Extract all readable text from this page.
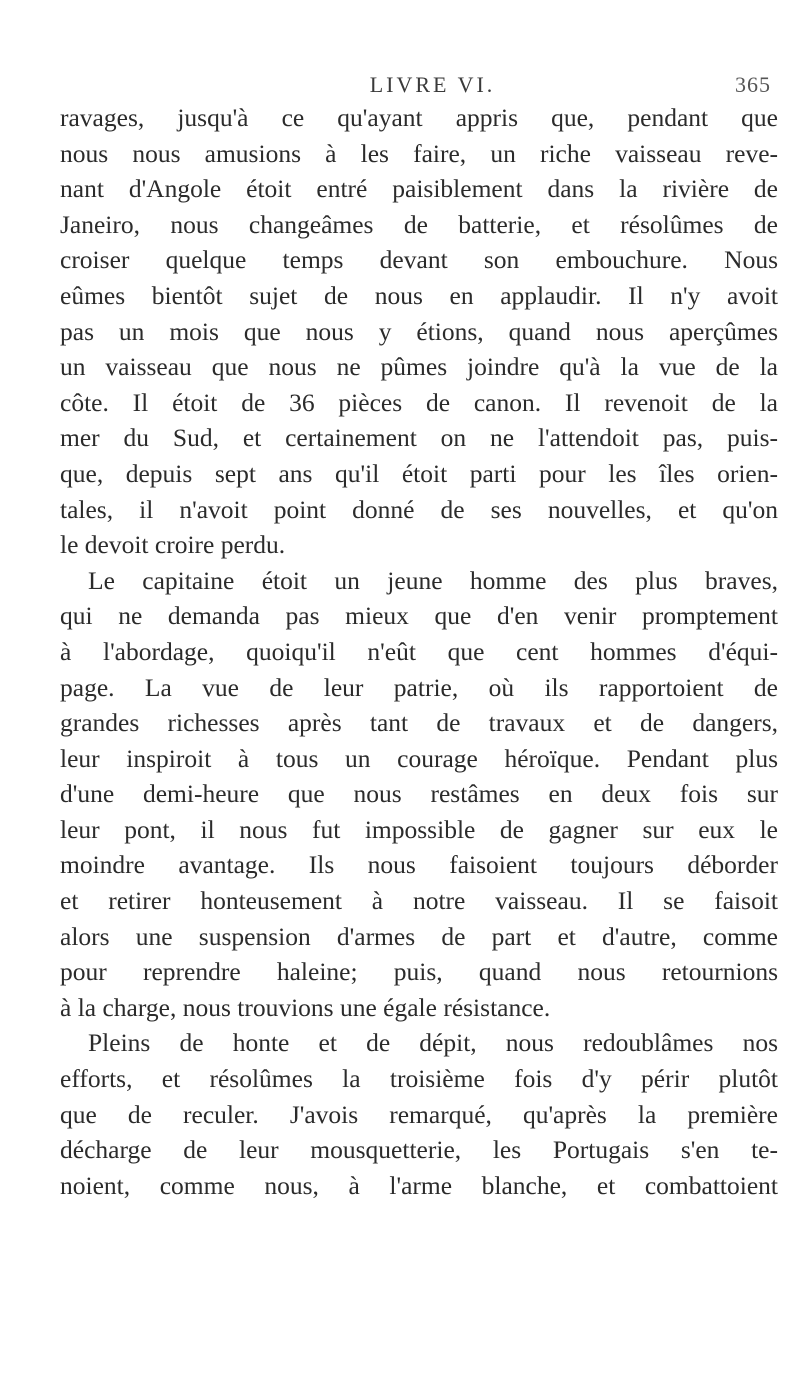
LIVRE VI.	365
ravages, jusqu'à ce qu'ayant appris que, pendant que
nous nous amusions à les faire, un riche vaisseau reve-
nant d'Angole étoit entré paisiblement dans la rivière de
Janeiro, nous changeâmes de batterie, et résolûmes de
croiser quelque temps devant son embouchure. Nous
eûmes bientôt sujet de nous en applaudir. Il n'y avoit
pas un mois que nous y étions, quand nous aperçûmes
un vaisseau que nous ne pûmes joindre qu'à la vue de la
côte. Il étoit de 36 pièces de canon. Il revenoit de la
mer du Sud, et certainement on ne l'attendoit pas, puis-
que, depuis sept ans qu'il étoit parti pour les îles orien-
tales, il n'avoit point donné de ses nouvelles, et qu'on
le devoit croire perdu.
Le capitaine étoit un jeune homme des plus braves,
qui ne demanda pas mieux que d'en venir promptement
à l'abordage, quoiqu'il n'eût que cent hommes d'équi-
page. La vue de leur patrie, où ils rapportoient de
grandes richesses après tant de travaux et de dangers,
leur inspiroit à tous un courage héroïque. Pendant plus
d'une demi-heure que nous restâmes en deux fois sur
leur pont, il nous fut impossible de gagner sur eux le
moindre avantage. Ils nous faisoient toujours déborder
et retirer honteusement à notre vaisseau. Il se faisoit
alors une suspension d'armes de part et d'autre, comme
pour reprendre haleine; puis, quand nous retournions
à la charge, nous trouvions une égale résistance.
Pleins de honte et de dépit, nous redoublâmes nos
efforts, et résolûmes la troisième fois d'y périr plutôt
que de reculer. J'avois remarqué, qu'après la première
décharge de leur mousquetterie, les Portugais s'en te-
noient, comme nous, à l'arme blanche, et combattoient
